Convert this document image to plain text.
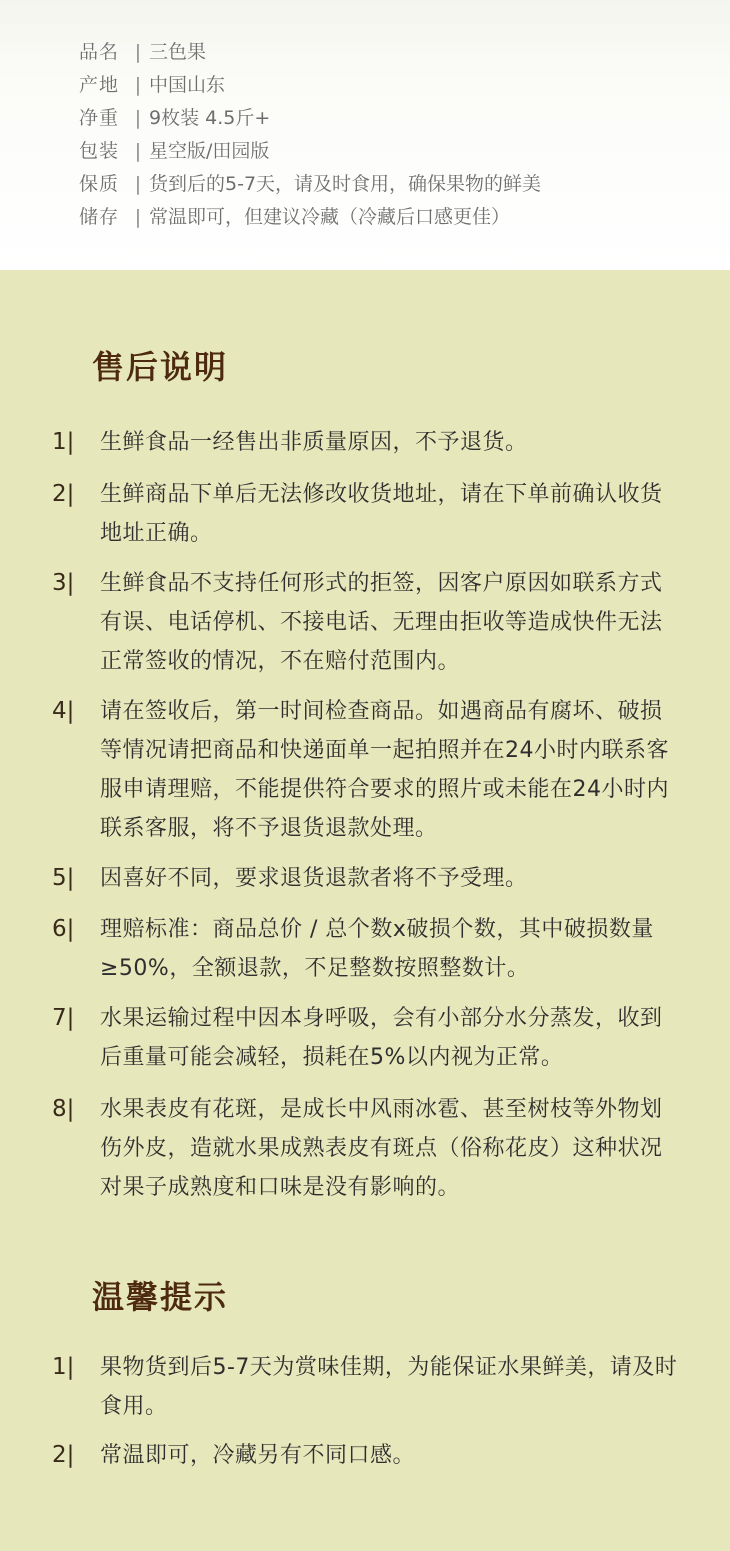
品名 | 三色果
产地 | 中国山东
净重 | 9枚装 4.5斤+
包装 | 星空版/田园版
保质 | 货到后的5-7天，请及时食用，确保果物的鲜美
储存 | 常温即可，但建议冷藏（冷藏后口感更佳）
售后说明
1|	生鲜食品一经售出非质量原因，不予退货。
2|	生鲜商品下单后无法修改收货地址，请在下单前确认收货地址正确。
3|	生鲜食品不支持任何形式的拒签，因客户原因如联系方式有误、电话停机、不接电话、无理由拒收等造成快件无法正常签收的情况，不在赔付范围内。
4|	请在签收后，第一时间检查商品。如遇商品有腐坏、破损等情况请把商品和快递面单一起拍照并在24小时内联系客服申请理赔，不能提供符合要求的照片或未能在24小时内联系客服，将不予退货退款处理。
5|	因喜好不同，要求退货退款者将不予受理。
6|	理赔标准：商品总价 / 总个数x破损个数，其中破损数量≥50%，全额退款，不足整数按照整数计。
7|	水果运输过程中因本身呼吸，会有小部分水分蒸发，收到后重量可能会减轻，损耗在5%以内视为正常。
8|	水果表皮有花斑，是成长中风雨冰雹、甚至树枝等外物划伤外皮，造就水果成熟表皮有斑点（俗称花皮）这种状况对果子成熟度和口味是没有影响的。
温馨提示
1|	果物货到后5-7天为赏味佳期，为能保证水果鲜美，请及时食用。
2|	常温即可，冷藏另有不同口感。
